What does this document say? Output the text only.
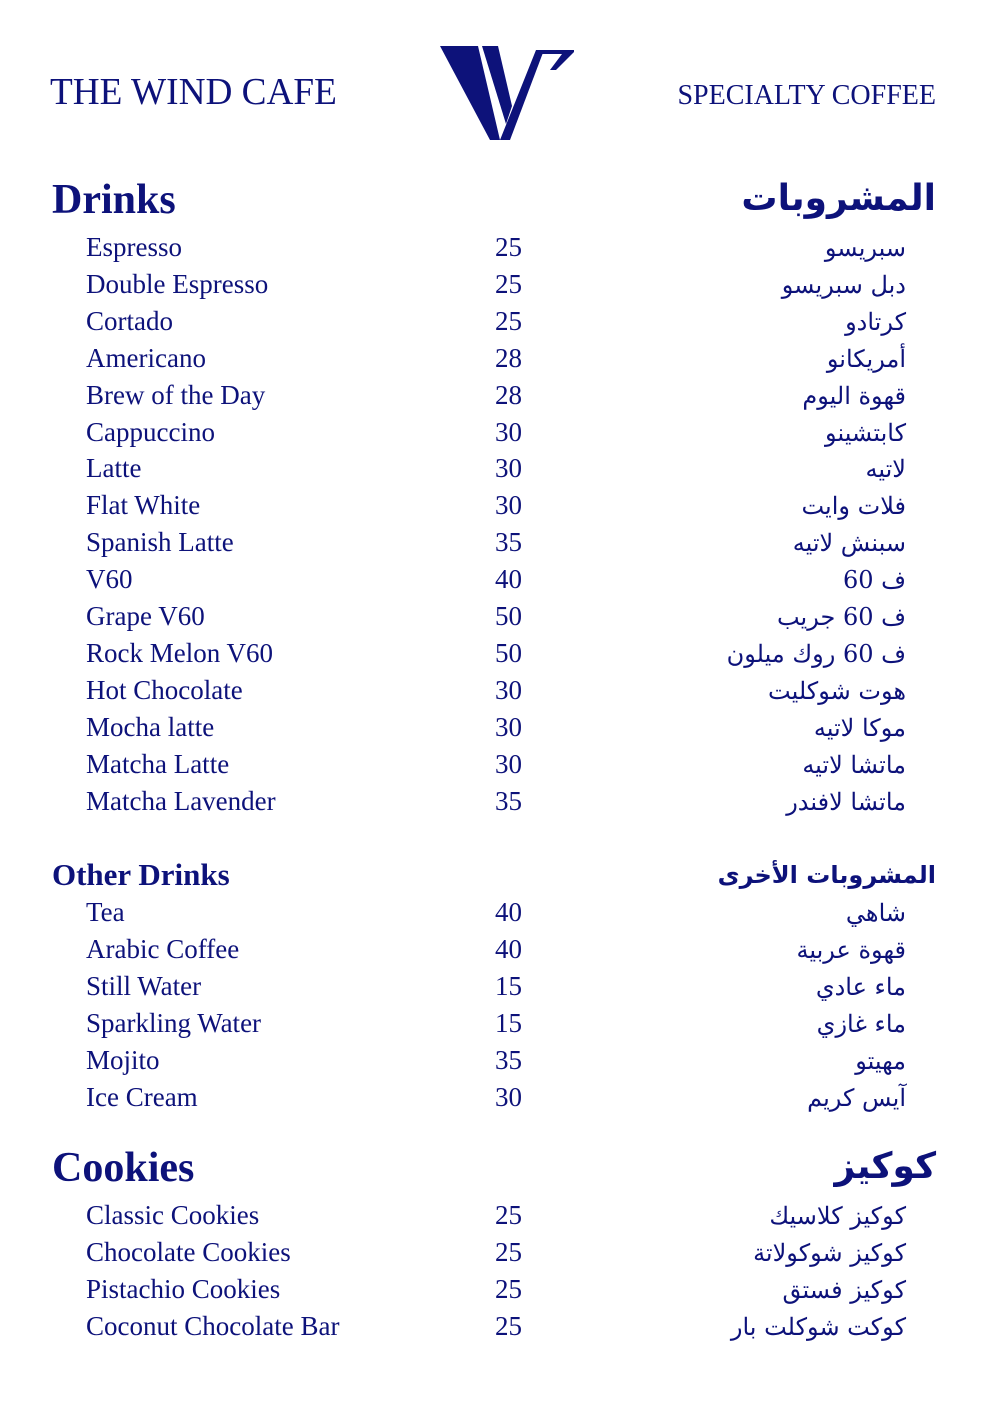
THE WIND CAFE	SPECIALTY COFFEE
Drinks	المشروبات
Espresso	25	سبريسو
Double Espresso	25	دبل سبريسو
Cortado	25	كرتادو
Americano	28	أمريكانو
Brew of the Day	28	قهوة اليوم
Cappuccino	30	كابتشينو
Latte	30	لاتيه
Flat White	30	فلات وايت
Spanish Latte	35	سبنش لاتيه
V60	40	ف 60
Grape V60	50	ف 60 جريب
Rock Melon V60	50	ف 60 روك ميلون
Hot Chocolate	30	هوت شوكليت
Mocha latte	30	موكا لاتيه
Matcha Latte	30	ماتشا لاتيه
Matcha Lavender	35	ماتشا لافندر
Other Drinks	المشروبات الأخرى
Tea	40	شاهي
Arabic Coffee	40	قهوة عربية
Still Water	15	ماء عادي
Sparkling Water	15	ماء غازي
Mojito	35	مهيتو
Ice Cream	30	آيس كريم
Cookies	كوكيز
Classic Cookies	25	كوكيز كلاسيك
Chocolate Cookies	25	كوكيز شوكولاتة
Pistachio Cookies	25	كوكيز فستق
Coconut Chocolate Bar	25	كوكت شوكلت بار
